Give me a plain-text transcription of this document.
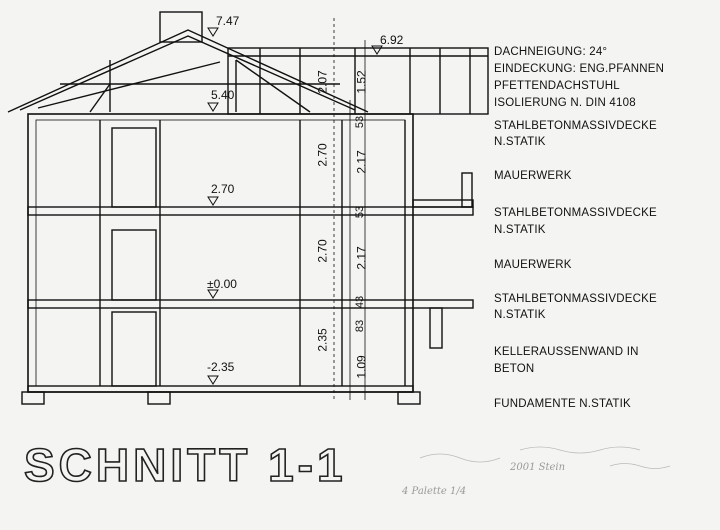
7.47
6.92
5.40
2.70
±0.00
-2.35
2.07 1.52
53
2.70 2.17
53
2.70 2.17
43
2.35
83
1.09
DACHNEIGUNG: 24°
EINDECKUNG: ENG.PFANNEN
PFETTENDACHSTUHL
ISOLIERUNG N. DIN 4108
STAHLBETONMASSIVDECKE
N.STATIK
MAUERWERK
STAHLBETONMASSIVDECKE
N.STATIK
MAUERWERK
STAHLBETONMASSIVDECKE
N.STATIK
KELLERAUSSENWAND IN
BETON
FUNDAMENTE N.STATIK
SCHNITT 1-1
4 Palette 1/4
2001 Stein
